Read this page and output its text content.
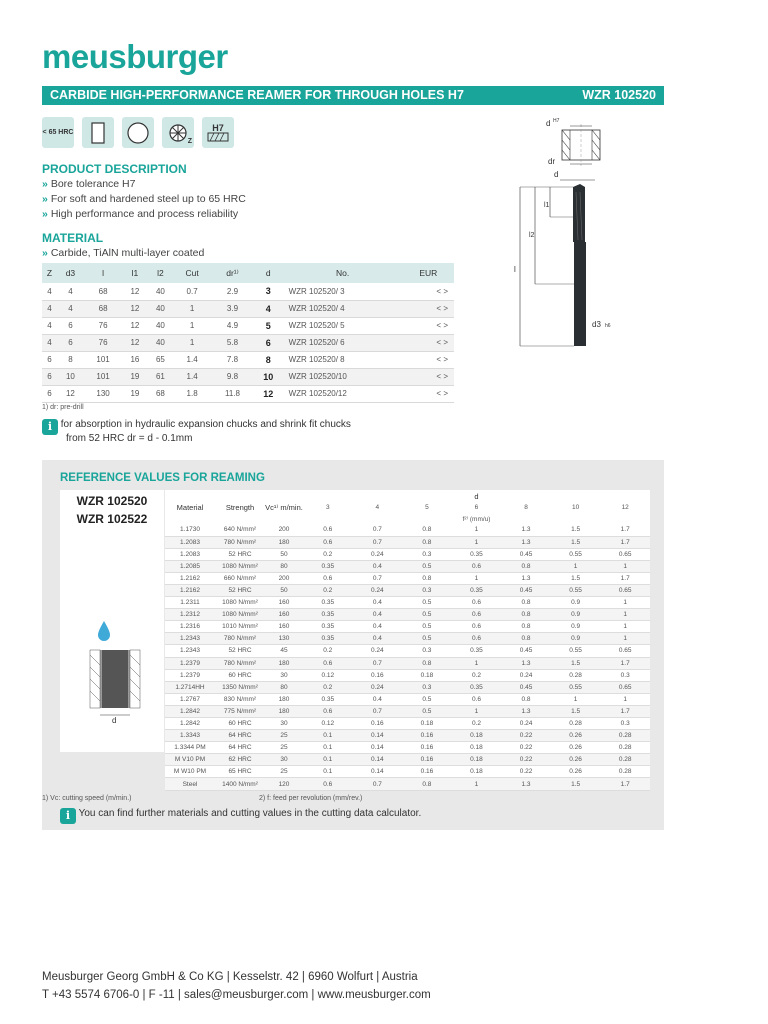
meusburger
CARBIDE HIGH-PERFORMANCE REAMER FOR THROUGH HOLES H7	WZR 102520
< 65 HRC
Z
H7
PRODUCT DESCRIPTION
» Bore tolerance H7
» For soft and hardened steel up to 65 HRC
» High performance and process reliability
MATERIAL
» Carbide, TiAlN multi-layer coated
Z	d3	l	l1	l2	Cut	dr¹⁾	d	No.	EUR
4	4	68	12	40	0.7	2.9	3	WZR 102520/ 3	< >
4	4	68	12	40	1	3.9	4	WZR 102520/ 4	< >
4	6	76	12	40	1	4.9	5	WZR 102520/ 5	< >
4	6	76	12	40	1	5.8	6	WZR 102520/ 6	< >
6	8	101	16	65	1.4	7.8	8	WZR 102520/ 8	< >
6	10	101	19	61	1.4	9.8	10	WZR 102520/10	< >
6	12	130	19	68	1.8	11.8	12	WZR 102520/12	< >
1) dr: pre-drill
i for absorption in hydraulic expansion chucks and shrink fit chucks
from 52 HRC dr = d - 0.1mm
d H7
dr
d
l1
l2
l
d3 h6
REFERENCE VALUES FOR REAMING
WZR 102520
WZR 102522
d
Material	Strength	Vc¹⁾ m/min.	d						
			3	4	5	6	8	10	12
			f²⁾ (mm/u)						
1.1730	640 N/mm²	200	0.6	0.7	0.8	1	1.3	1.5	1.7
1.2083	780 N/mm²	180	0.6	0.7	0.8	1	1.3	1.5	1.7
1.2083	52 HRC	50	0.2	0.24	0.3	0.35	0.45	0.55	0.65
1.2085	1080 N/mm²	80	0.35	0.4	0.5	0.6	0.8	1	1
1.2162	660 N/mm²	200	0.6	0.7	0.8	1	1.3	1.5	1.7
1.2162	52 HRC	50	0.2	0.24	0.3	0.35	0.45	0.55	0.65
1.2311	1080 N/mm²	160	0.35	0.4	0.5	0.6	0.8	0.9	1
1.2312	1080 N/mm²	160	0.35	0.4	0.5	0.6	0.8	0.9	1
1.2316	1010 N/mm²	160	0.35	0.4	0.5	0.6	0.8	0.9	1
1.2343	780 N/mm²	130	0.35	0.4	0.5	0.6	0.8	0.9	1
1.2343	52 HRC	45	0.2	0.24	0.3	0.35	0.45	0.55	0.65
1.2379	780 N/mm²	180	0.6	0.7	0.8	1	1.3	1.5	1.7
1.2379	60 HRC	30	0.12	0.16	0.18	0.2	0.24	0.28	0.3
1.2714HH	1350 N/mm²	80	0.2	0.24	0.3	0.35	0.45	0.55	0.65
1.2767	830 N/mm²	180	0.35	0.4	0.5	0.6	0.8	1	1
1.2842	775 N/mm²	180	0.6	0.7	0.5	1	1.3	1.5	1.7
1.2842	60 HRC	30	0.12	0.16	0.18	0.2	0.24	0.28	0.3
1.3343	64 HRC	25	0.1	0.14	0.16	0.18	0.22	0.26	0.28
1.3344 PM	64 HRC	25	0.1	0.14	0.16	0.18	0.22	0.26	0.28
M V10 PM	62 HRC	30	0.1	0.14	0.16	0.18	0.22	0.26	0.28
M W10 PM	65 HRC	25	0.1	0.14	0.16	0.18	0.22	0.26	0.28
Steel	1400 N/mm²	120	0.6	0.7	0.8	1	1.3	1.5	1.7
1) Vc: cutting speed (m/min.)	2) f: feed per revolution (mm/rev.)
i You can find further materials and cutting values in the cutting data calculator.
Meusburger Georg GmbH & Co KG | Kesselstr. 42 | 6960 Wolfurt | Austria
T +43 5574 6706-0 | F -11 | sales@meusburger.com | www.meusburger.com
